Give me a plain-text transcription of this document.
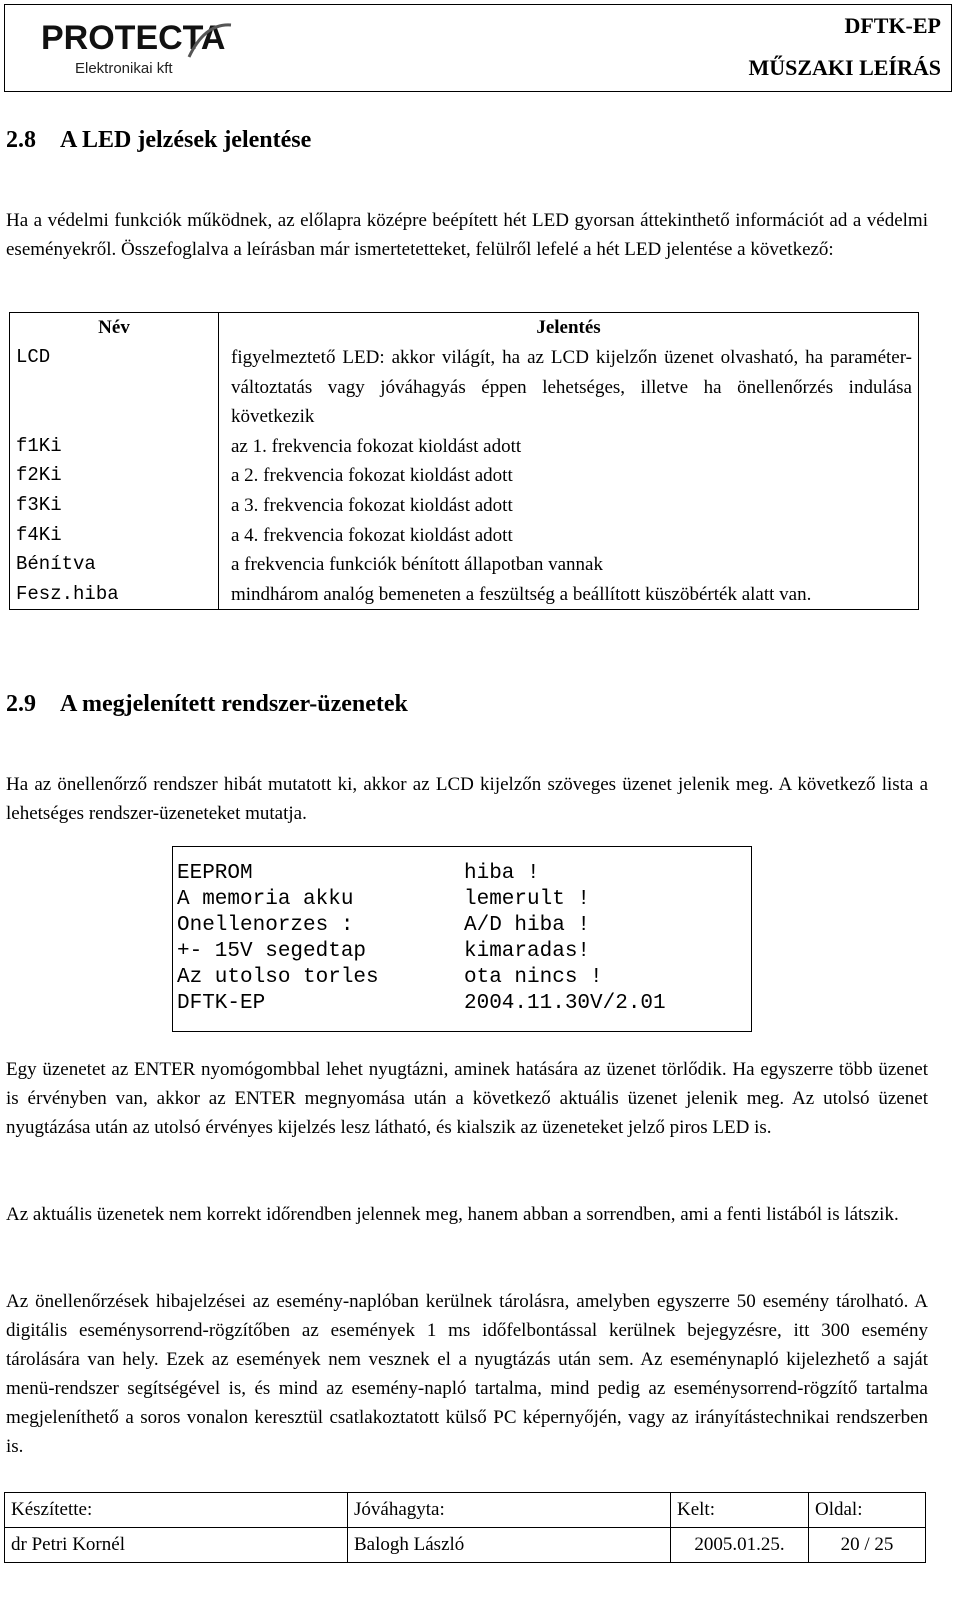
PROTECTA
Elektronikai kft
DFTK-EP
MŰSZAKI LEÍRÁS
2.8 A LED jelzések jelentése
Ha a védelmi funkciók működnek, az előlapra középre beépített hét LED gyorsan áttekinthető információt ad a védelmi eseményekről. Összefoglalva a leírásban már ismertetetteket, felülről lefelé a hét LED jelentése a következő:
Név	Jelentés
LCD	figyelmeztető LED: akkor világít, ha az LCD kijelzőn üzenet olvasható, ha paraméter-változtatás vagy jóváhagyás éppen lehetséges, illetve ha önellenőrzés indulása következik
f1Ki	az 1. frekvencia fokozat kioldást adott
f2Ki	a 2. frekvencia fokozat kioldást adott
f3Ki	a 3. frekvencia fokozat kioldást adott
f4Ki	a 4. frekvencia fokozat kioldást adott
Bénítva	a frekvencia funkciók bénított állapotban vannak
Fesz.hiba	mindhárom analóg bemeneten a feszültség a beállított küszöbérték alatt van.
2.9 A megjelenített rendszer-üzenetek
Ha az önellenőrző rendszer hibát mutatott ki, akkor az LCD kijelzőn szöveges üzenet jelenik meg. A következő lista a lehetséges rendszer-üzeneteket mutatja.
EEPROM	hiba !
A memoria akku	lemerult !
Onellenorzes :	A/D hiba !
+- 15V segedtap	kimaradas!
Az utolso torles	ota nincs !
DFTK-EP	2004.11.30V/2.01
Egy üzenetet az ENTER nyomógombbal lehet nyugtázni, aminek hatására az üzenet törlődik. Ha egyszerre több üzenet is érvényben van, akkor az ENTER megnyomása után a következő aktuális üzenet jelenik meg. Az utolsó üzenet nyugtázása után az utolsó érvényes kijelzés lesz látható, és kialszik az üzeneteket jelző piros LED is.
Az aktuális üzenetek nem korrekt időrendben jelennek meg, hanem abban a sorrendben, ami a fenti listából is látszik.
Az önellenőrzések hibajelzései az esemény-naplóban kerülnek tárolásra, amelyben egyszerre 50 esemény tárolható. A digitális eseménysorrend-rögzítőben az események 1 ms időfelbontással kerülnek bejegyzésre, itt 300 esemény tárolására van hely. Ezek az események nem vesznek el a nyugtázás után sem. Az eseménynapló kijelezhető a saját menü-rendszer segítségével is, és mind az esemény-napló tartalma, mind pedig az eseménysorrend-rögzítő tartalma megjeleníthető a soros vonalon keresztül csatlakoztatott külső PC képernyőjén, vagy az irányítástechnikai rendszerben is.
Készítette:	Jóváhagyta:	Kelt:	Oldal:
dr Petri Kornél	Balogh László	2005.01.25.	20 / 25
